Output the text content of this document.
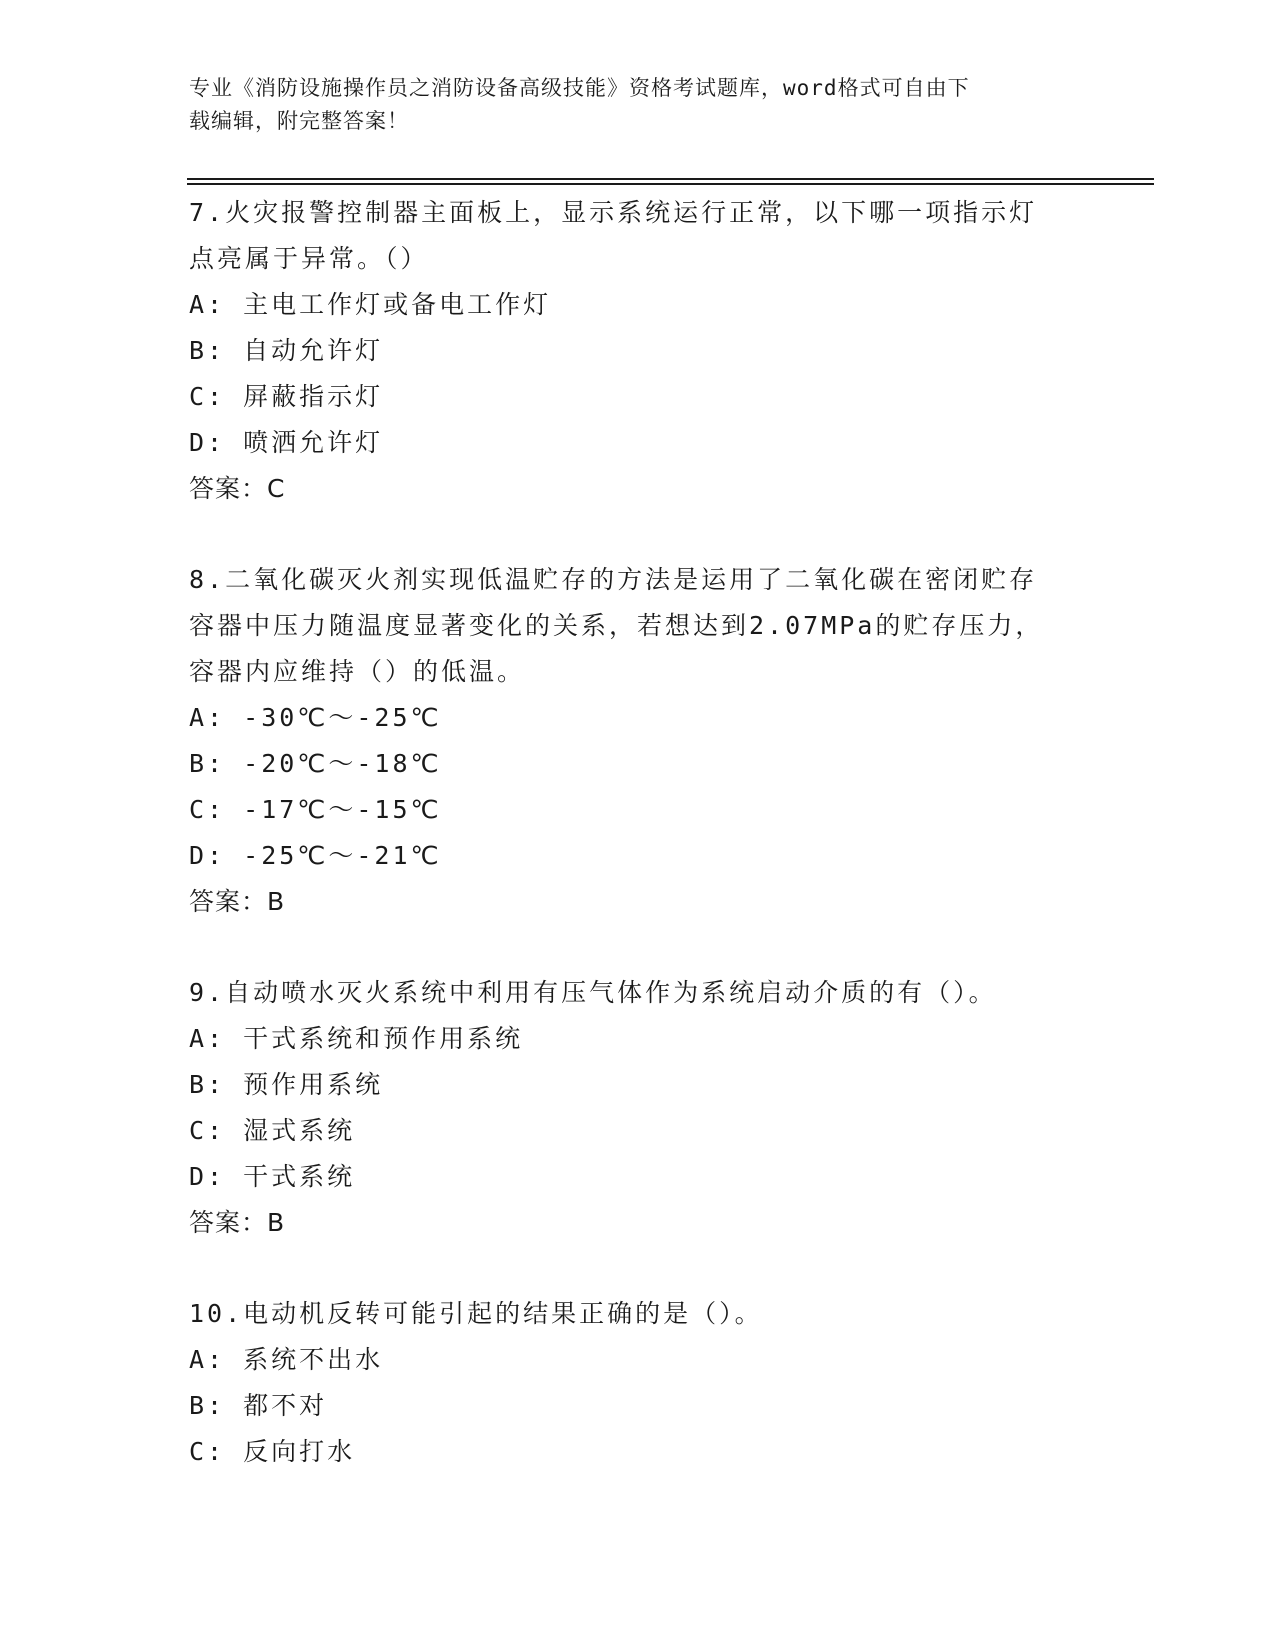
专业《消防设施操作员之消防设备高级技能》资格考试题库，word格式可自由下
载编辑，附完整答案！
7.火灾报警控制器主面板上，显示系统运行正常，以下哪一项指示灯
点亮属于异常。（）
A: 主电工作灯或备电工作灯
B: 自动允许灯
C: 屏蔽指示灯
D: 喷洒允许灯
答案：C
8.二氧化碳灭火剂实现低温贮存的方法是运用了二氧化碳在密闭贮存
容器中压力随温度显著变化的关系，若想达到2.07MPa的贮存压力，
容器内应维持（）的低温。
A: -30℃～-25℃
B: -20℃～-18℃
C: -17℃～-15℃
D: -25℃～-21℃
答案：B
9.自动喷水灭火系统中利用有压气体作为系统启动介质的有（）。
A: 干式系统和预作用系统
B: 预作用系统
C: 湿式系统
D: 干式系统
答案：B
10.电动机反转可能引起的结果正确的是（）。
A: 系统不出水
B: 都不对
C: 反向打水
